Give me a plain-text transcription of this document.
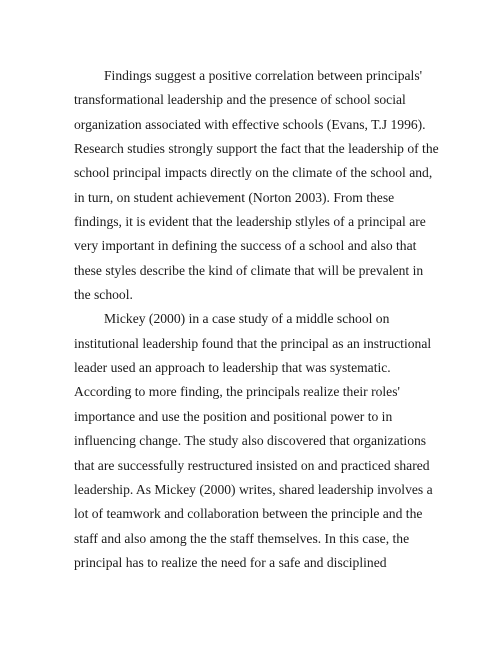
Findings suggest a positive correlation between principals'
transformational leadership and the presence of school social
organization associated with effective schools (Evans, T.J 1996).
Research studies strongly support the fact that the leadership of the
school principal impacts directly on the climate of the school and,
in turn, on student achievement (Norton 2003). From these
findings, it is evident that the leadership stlyles of a principal are
very important in defining the success of a school and also that
these styles describe the kind of climate that will be prevalent in
the school.
Mickey (2000) in a case study of a middle school on
institutional leadership found that the principal as an instructional
leader used an approach to leadership that was systematic.
According to more finding, the principals realize their roles'
importance and use the position and positional power to in
influencing change. The study also discovered that organizations
that are successfully restructured insisted on and practiced shared
leadership. As Mickey (2000) writes, shared leadership involves a
lot of teamwork and collaboration between the principle and the
staff and also among the the staff themselves. In this case, the
principal has to realize the need for a safe and disciplined
